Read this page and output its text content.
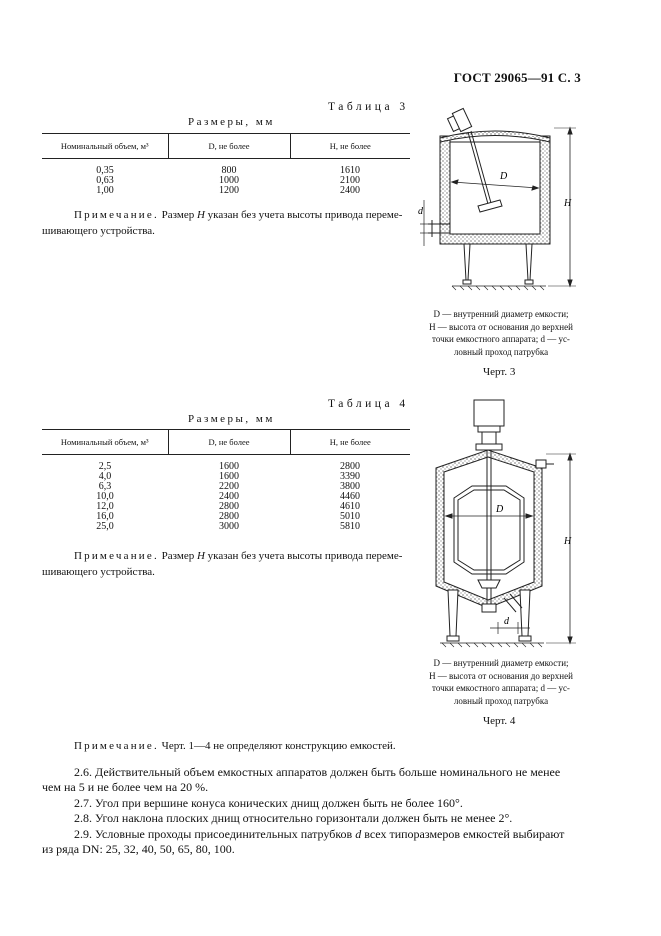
ГОСТ 29065—91 С. 3
Таблица 3
Размеры, мм
Номинальный объем, м³	D, не более	H, не более
0,35	800	1610
0,63	1000	2100
1,00	1200	2400
Примечание. Размер H указан без учета высоты привода переме-
шивающего устройства.
D
H
d
D — внутренний диаметр емкости;
H — высота от основания до верхней
точки емкостного аппарата; d — ус-
ловный проход патрубка
Черт. 3
Таблица 4
Размеры, мм
Номинальный объем, м³	D, не более	H, не более
2,5	1600	2800
4,0	1600	3390
6,3	2200	3800
10,0	2400	4460
12,0	2800	4610
16,0	2800	5010
25,0	3000	5810
Примечание. Размер H указан без учета высоты привода переме-
шивающего устройства.
D
H
d
D — внутренний диаметр емкости;
H — высота от основания до верхней
точки емкостного аппарата; d — ус-
ловный проход патрубка
Черт. 4
Примечание. Черт. 1—4 не определяют конструкцию емкостей.
2.6. Действительный объем емкостных аппаратов должен быть больше номинального не менее
чем на 5 и не более чем на 20 %.
2.7. Угол при вершине конуса конических днищ должен быть не более 160°.
2.8. Угол наклона плоских днищ относительно горизонтали должен быть не менее 2°.
2.9. Условные проходы присоединительных патрубков d всех типоразмеров емкостей выбирают
из ряда DN: 25, 32, 40, 50, 65, 80, 100.
